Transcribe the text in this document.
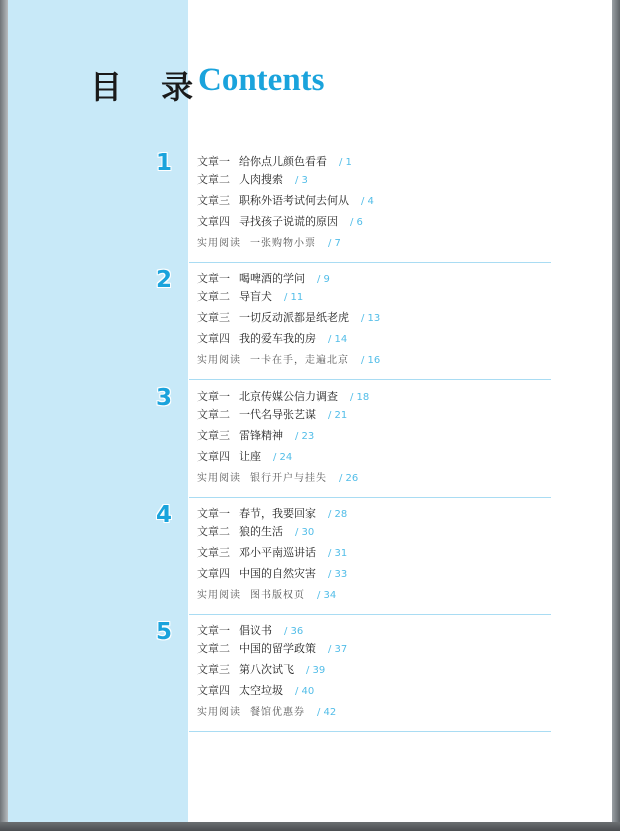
目 录
Contents
1 文章一 给你点儿颜色看看 / 1
文章二 人肉搜索 / 3
文章三 职称外语考试何去何从 / 4
文章四 寻找孩子说谎的原因 / 6
实用阅读 一张购物小票 / 7
2 文章一 喝啤酒的学问 / 9
文章二 导盲犬 / 11
文章三 一切反动派都是纸老虎 / 13
文章四 我的爱车我的房 / 14
实用阅读 一卡在手，走遍北京 / 16
3 文章一 北京传媒公信力调查 / 18
文章二 一代名导张艺谋 / 21
文章三 雷锋精神 / 23
文章四 让座 / 24
实用阅读 银行开户与挂失 / 26
4 文章一 春节，我要回家 / 28
文章二 狼的生活 / 30
文章三 邓小平南巡讲话 / 31
文章四 中国的自然灾害 / 33
实用阅读 图书版权页 / 34
5 文章一 倡议书 / 36
文章二 中国的留学政策 / 37
文章三 第八次试飞 / 39
文章四 太空垃圾 / 40
实用阅读 餐馆优惠券 / 42
